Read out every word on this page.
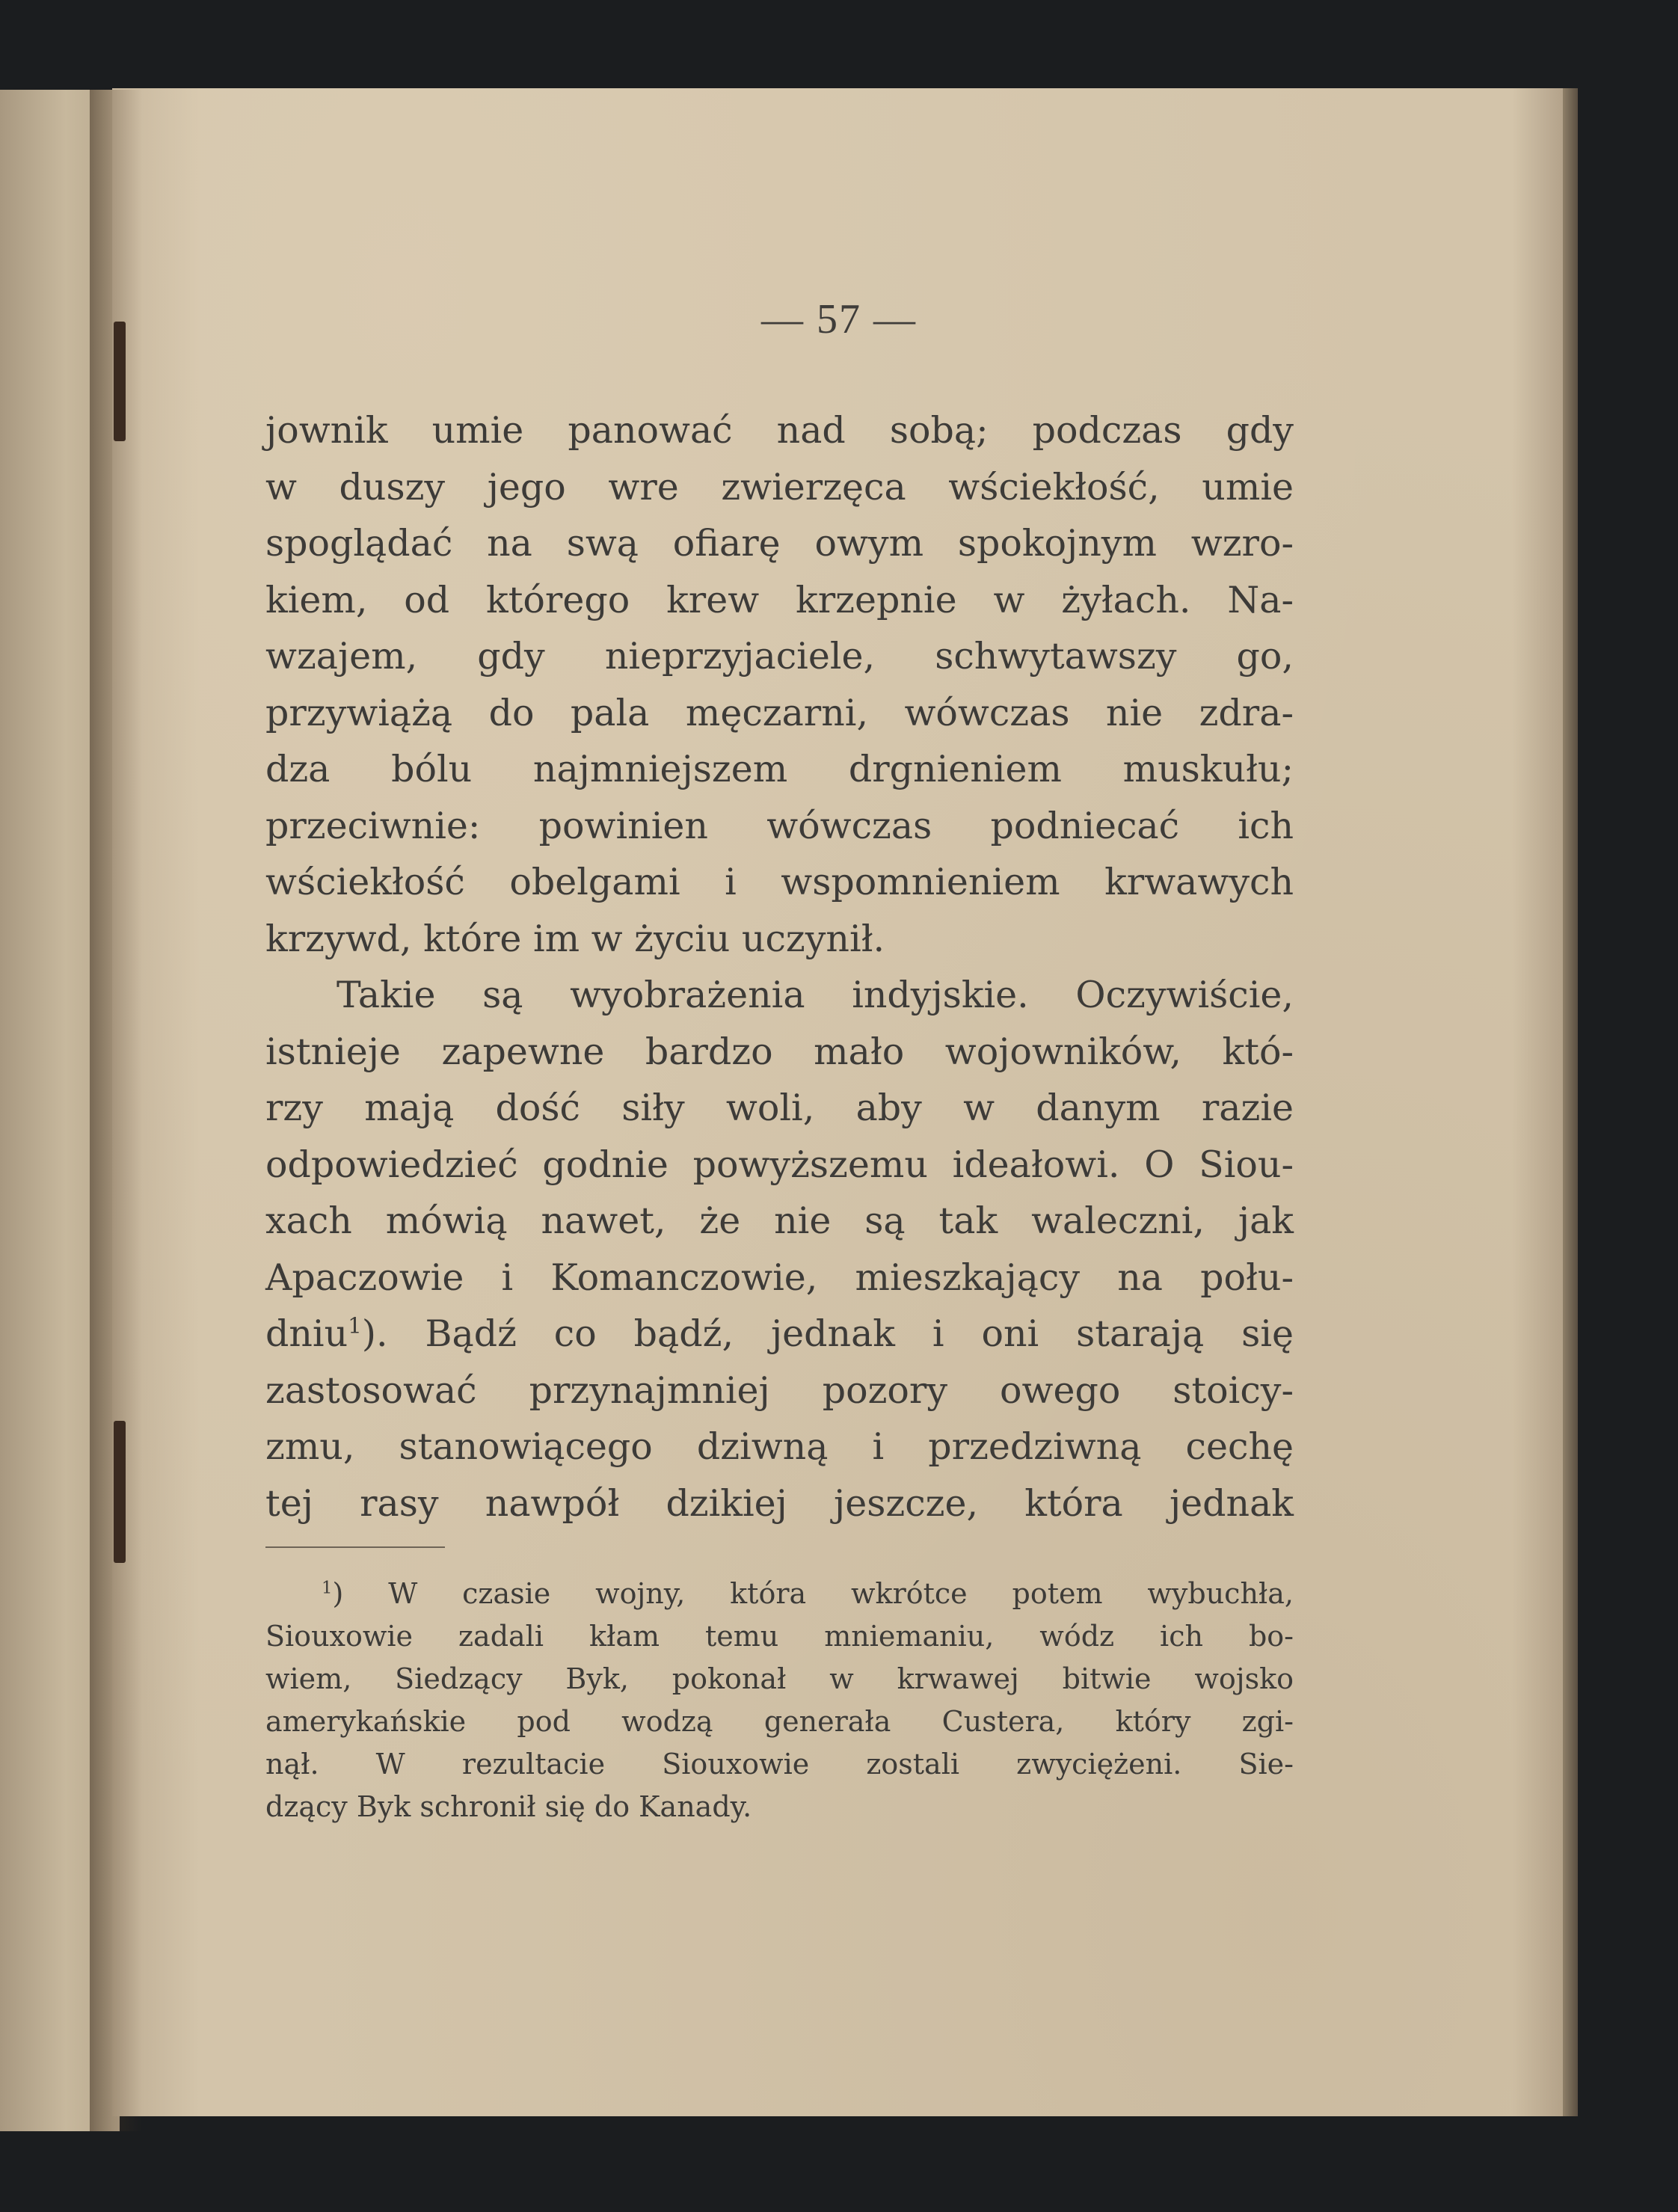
— 57 —
jownik umie panować nad sobą; podczas gdy
w duszy jego wre zwierzęca wściekłość, umie
spoglądać na swą ofiarę owym spokojnym wzro-
kiem, od którego krew krzepnie w żyłach. Na-
wzajem, gdy nieprzyjaciele, schwytawszy go,
przywiążą do pala męczarni, wówczas nie zdra-
dza bólu najmniejszem drgnieniem muskułu;
przeciwnie: powinien wówczas podniecać ich
wściekłość obelgami i wspomnieniem krwawych
krzywd, które im w życiu uczynił.
Takie są wyobrażenia indyjskie. Oczywiście,
istnieje zapewne bardzo mało wojowników, któ-
rzy mają dość siły woli, aby w danym razie
odpowiedzieć godnie powyższemu ideałowi. O Siou-
xach mówią nawet, że nie są tak waleczni, jak
Apaczowie i Komanczowie, mieszkający na połu-
dniu$^1$). Bądź co bądź, jednak i oni starają się
zastosować przynajmniej pozory owego stoicy-
zmu, stanowiącego dziwną i przedziwną cechę
tej rasy nawpół dzikiej jeszcze, która jednak
$^1$) W czasie wojny, która wkrótce potem wybuchła,
Siouxowie zadali kłam temu mniemaniu, wódz ich bo-
wiem, Siedzący Byk, pokonał w krwawej bitwie wojsko
amerykańskie pod wodzą generała Custera, który zgi-
nął. W rezultacie Siouxowie zostali zwyciężeni. Sie-
dzący Byk schronił się do Kanady.
